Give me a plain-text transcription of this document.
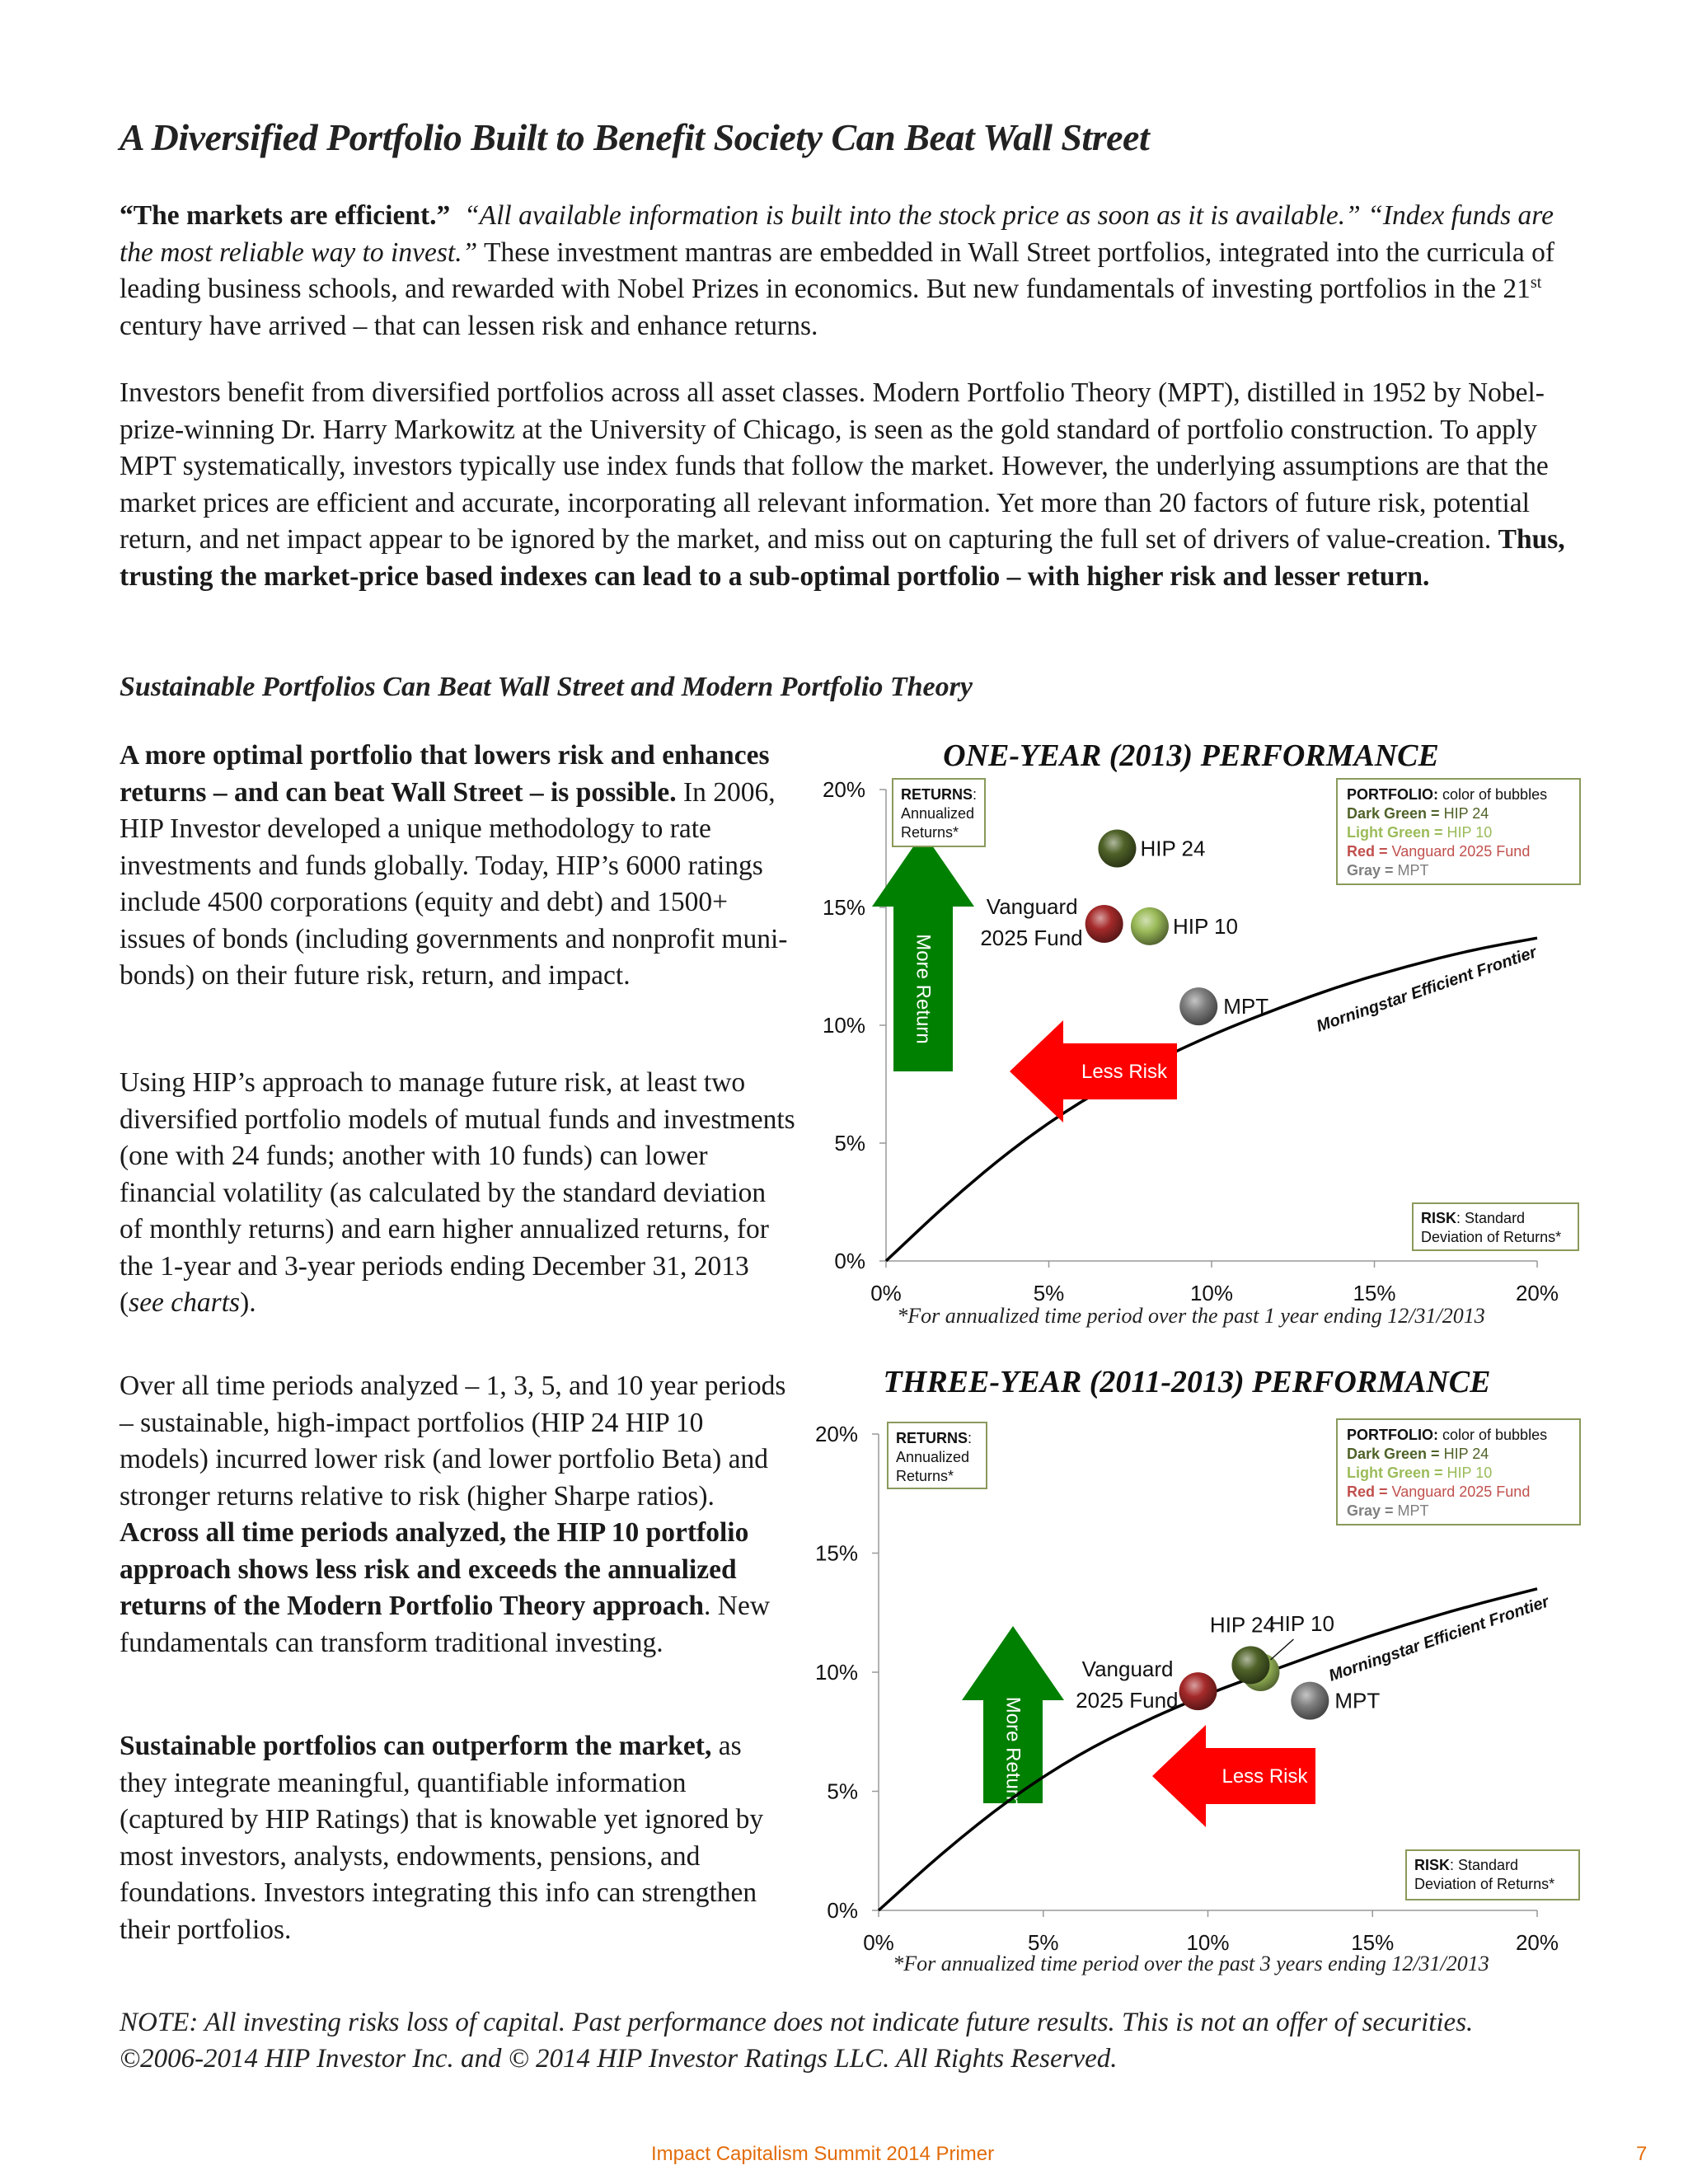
A Diversified Portfolio Built to Benefit Society Can Beat Wall Street
“The markets are efficient.” “All available information is built into the stock price as soon as it is available.” “Index funds are the most reliable way to invest.” These investment mantras are embedded in Wall Street portfolios, integrated into the curricula of leading business schools, and rewarded with Nobel Prizes in economics. But new fundamentals of investing portfolios in the 21st century have arrived – that can lessen risk and enhance returns.
Investors benefit from diversified portfolios across all asset classes. Modern Portfolio Theory (MPT), distilled in 1952 by Nobel-prize-winning Dr. Harry Markowitz at the University of Chicago, is seen as the gold standard of portfolio construction. To apply MPT systematically, investors typically use index funds that follow the market. However, the underlying assumptions are that the market prices are efficient and accurate, incorporating all relevant information. Yet more than 20 factors of future risk, potential return, and net impact appear to be ignored by the market, and miss out on capturing the full set of drivers of value-creation. Thus, trusting the market-price based indexes can lead to a sub-optimal portfolio – with higher risk and lesser return.
Sustainable Portfolios Can Beat Wall Street and Modern Portfolio Theory
A more optimal portfolio that lowers risk and enhances returns – and can beat Wall Street – is possible. In 2006, HIP Investor developed a unique methodology to rate investments and funds globally. Today, HIP’s 6000 ratings include 4500 corporations (equity and debt) and 1500+ issues of bonds (including governments and nonprofit muni-bonds) on their future risk, return, and impact.
Using HIP’s approach to manage future risk, at least two diversified portfolio models of mutual funds and investments (one with 24 funds; another with 10 funds) can lower financial volatility (as calculated by the standard deviation of monthly returns) and earn higher annualized returns, for the 1-year and 3-year periods ending December 31, 2013 (see charts).
Over all time periods analyzed – 1, 3, 5, and 10 year periods – sustainable, high-impact portfolios (HIP 24 HIP 10 models) incurred lower risk (and lower portfolio Beta) and stronger returns relative to risk (higher Sharpe ratios). Across all time periods analyzed, the HIP 10 portfolio approach shows less risk and exceeds the annualized returns of the Modern Portfolio Theory approach. New fundamentals can transform traditional investing.
Sustainable portfolios can outperform the market, as they integrate meaningful, quantifiable information (captured by HIP Ratings) that is knowable yet ignored by most investors, analysts, endowments, pensions, and foundations. Investors integrating this info can strengthen their portfolios.
ONE-YEAR (2013) PERFORMANCE
0%
5%
10%
15%
20%
0%	5%	10%	15%	20%
More Return	Morningstar Efficient Frontier
Less Risk
HIP 24
HIP 10
Vanguard
2025 Fund
MPT
RETURNS:
Annualized
Returns*
PORTFOLIO: color of bubbles
Dark Green = HIP 24
Light Green = HIP 10
Red = Vanguard 2025 Fund
Gray = MPT
RISK: Standard
Deviation of Returns*
*For annualized time period over the past 1 year ending 12/31/2013
THREE-YEAR (2011-2013) PERFORMANCE
0%
5%
10%
15%
20%
0%	5%	10%	15%	20%
More Return
Morningstar Efficient Frontier
Less Risk
HIP 24
HIP 10
Vanguard
2025 Fund	MPT
RETURNS:
Annualized
Returns*
PORTFOLIO: color of bubbles
Dark Green = HIP 24
Light Green = HIP 10
Red = Vanguard 2025 Fund
Gray = MPT
RISK: Standard
Deviation of Returns*
*For annualized time period over the past 3 years ending 12/31/2013
NOTE: All investing risks loss of capital. Past performance does not indicate future results. This is not an offer of securities.
©2006-2014 HIP Investor Inc. and © 2014 HIP Investor Ratings LLC. All Rights Reserved.
Impact Capitalism Summit 2014 Primer	7
